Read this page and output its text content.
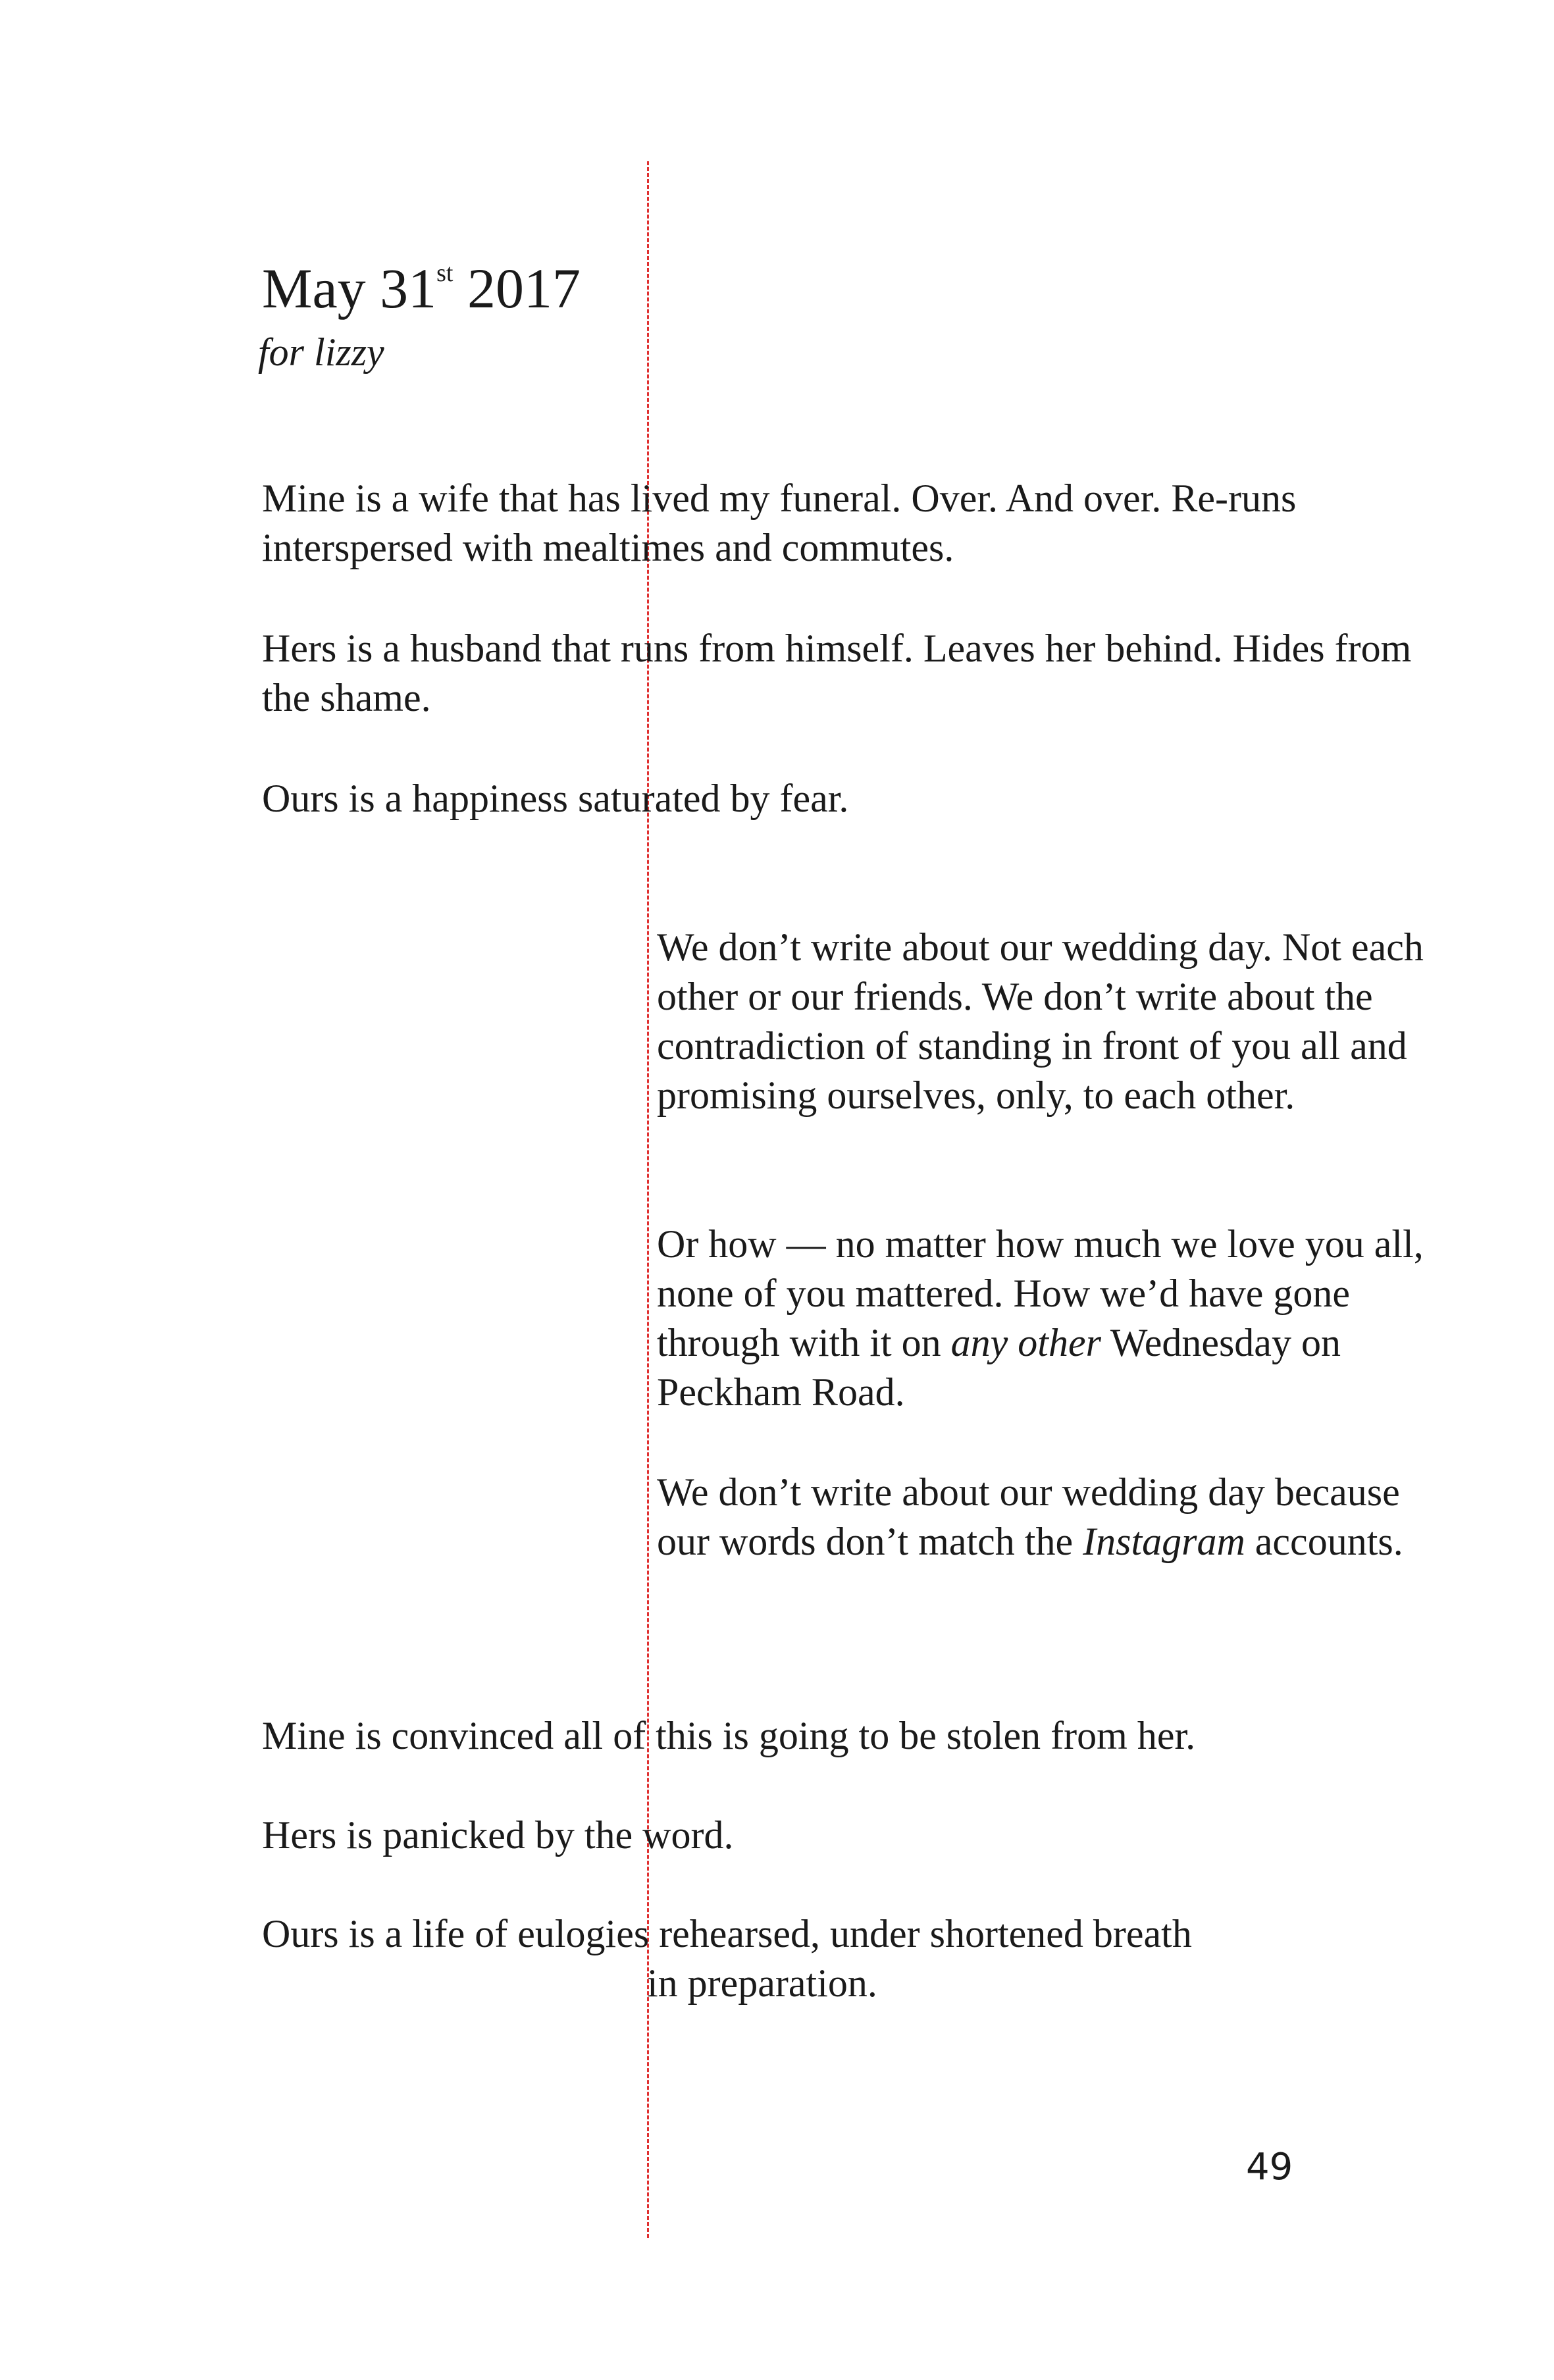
May 31st 2017
for lizzy

Mine is a wife that has lived my funeral. Over. And over. Re-runs interspersed with mealtimes and commutes.

Hers is a husband that runs from himself. Leaves her behind. Hides from the shame.

Ours is a happiness saturated by fear.

We don’t write about our wedding day. Not each other or our friends. We don’t write about the contradiction of standing in front of you all and promising ourselves, only, to each other.

Or how — no matter how much we love you all, none of you mattered. How we’d have gone through with it on any other Wednesday on Peckham Road.

We don’t write about our wedding day because our words don’t match the Instagram accounts.

Mine is convinced all of this is going to be stolen from her.

Hers is panicked by the word.

Ours is a life of eulogies rehearsed, under shortened breath
in preparation.

49
